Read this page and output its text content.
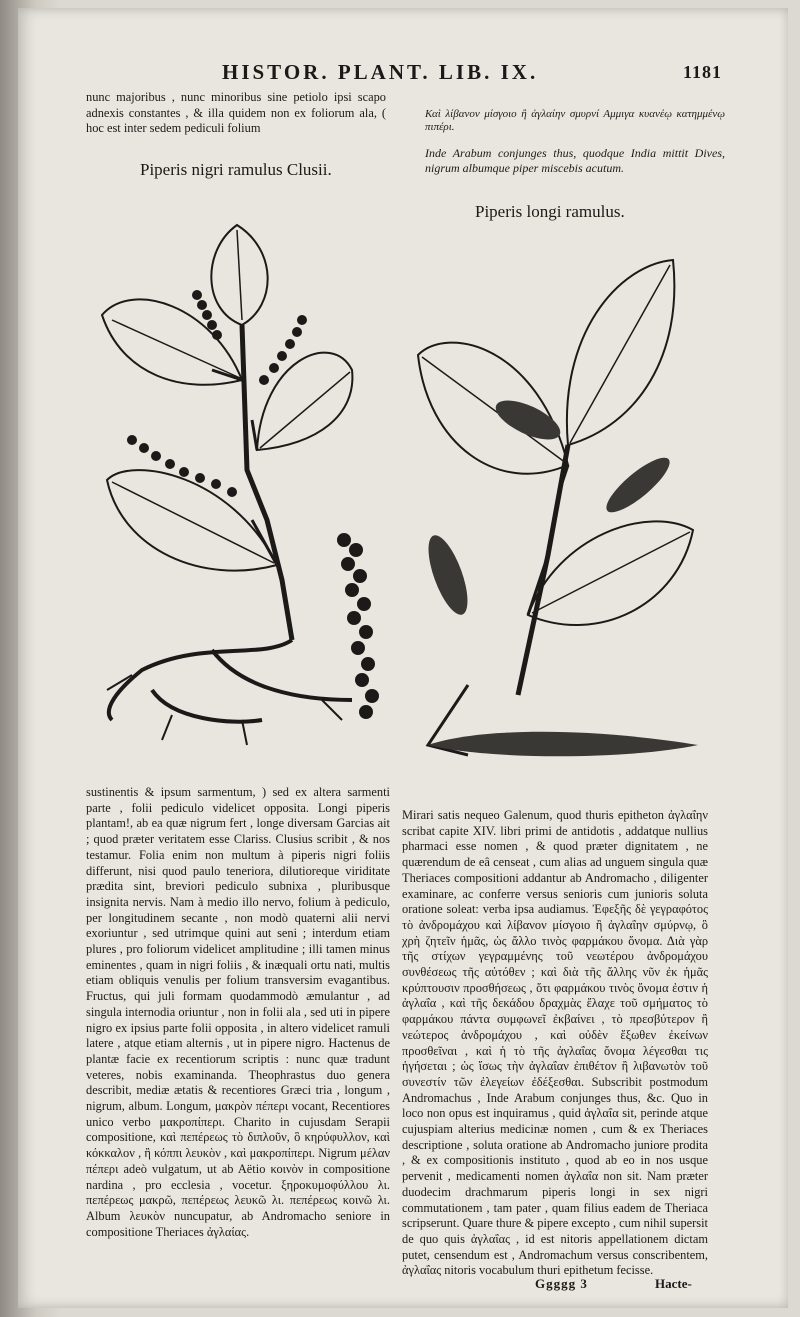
HISTOR. PLANT. LIB. IX.	1181

nunc majoribus , nunc minoribus sine petiolo ipsi scapo adnexis constantes , & illa quidem non ex foliorum ala, ( hoc est inter sedem pediculi folium

Piperis nigri ramulus Clusii.

Καὶ λίβανον μίσγοιο ἢ ἀγλαίην σμυρνί Αμμιγα κυανέῳ κατημμένῳ πιπέρι.

Inde Arabum conjunges thus, quodque India mittit Dives, nigrum albumque piper miscebis acutum.

Piperis longi ramulus.

sustinentis & ipsum sarmentum, ) sed ex altera sarmenti parte , folii pediculo videlicet opposita. Longi piperis plantam!, ab ea quæ nigrum fert , longe diversam Garcias ait ; quod præter veritatem esse Clariss. Clusius scribit , & nos testamur. Folia enim non multum à piperis nigri foliis differunt, nisi quod paulo teneriora, dilutioreque viriditate prædita sint, breviori pediculo subnixa , pluribusque insignita nervis. Nam à medio illo nervo, folium à pediculo, per longitudinem secante , non modò quaterni alii nervi exoriuntur , sed utrimque quini aut seni ; interdum etiam plures , pro foliorum videlicet amplitudine ; illi tamen minus eminentes , quam in nigri foliis , & inæquali ortu nati, multis etiam obliquis venulis per folium transversim evagantibus. Fructus, qui juli formam quodammodò æmulantur , ad singula internodia oriuntur , non in folii ala , sed uti in pipere nigro ex ipsius parte folii opposita , in altero videlicet ramuli latere , atque etiam alternis , ut in pipere nigro. Hactenus de plantæ facie ex recentiorum scriptis : nunc quæ tradunt veteres, nobis examinanda. Theophrastus duo genera describit, mediæ ætatis & recentiores Græci tria , longum , nigrum, album. Longum, μακρὸν πέπερι vocant, Recentiores unico verbo μακροπίπερι. Charito in cujusdam Serapii compositione, καὶ πεπέρεως τὸ διπλοῦν, ὃ κηρύφυλλον, καὶ κόκκαλον , ἢ κόππι λευκὸν , καὶ μακροπίπερι. Nigrum μέλαν πέπερι adeò vulgatum, ut ab Aëtio κοινὸν in compositione nardina , pro ecclesia , vocetur. ξηροκυμοφύλλου λι. πεπέρεως μακρῶ, πεπέρεως λευκῶ λι. πεπέρεως κοινῶ λι. Album λευκὸν nuncupatur, ab Andromacho seniore in compositione Theriaces ἀγλαίας.

Mirari satis nequeo Galenum, quod thuris epitheton ἀγλαΐην scribat capite XIV. libri primi de antidotis , addatque nullius pharmaci esse nomen , & quod præter dignitatem , ne quærendum de eâ censeat , cum alias ad unguem singula quæ Theriaces compositioni addantur ab Andromacho , diligenter examinare, ac conferre versus senioris cum junioris soluta oratione soleat: verba ipsa audiamus. Ἐφεξῆς δὲ γεγραφότος τὸ ἀνδρομάχου καὶ λίβανον μίσγοιο ἢ ἀγλαΐην σμύρνῳ, ὃ χρὴ ζητεῖν ἡμᾶς, ὡς ἄλλο τινὸς φαρμάκου ὄνομα. Διὰ γὰρ τῆς στίχων γεγραμμένης τοῦ νεωτέρου ἀνδρομάχου συνθέσεως τῆς αὐτόθεν ; καὶ διὰ τῆς ἄλλης νῦν ἐκ ἡμᾶς κρύπτουσιν προσθήσεως , ὅτι φαρμάκου τινὸς ὄνομα ἐστιν ἡ ἀγλαΐα , καὶ τῆς δεκάδου δραχμὰς ἔλαχε τοῦ σμήματος τὸ φαρμάκου πάντα συμφωνεῖ ἐκβαίνει , τὸ πρεσβύτερον ἢ νεώτερος ἀνδρομάχου , καὶ οὐδὲν ἔξωθεν ἐκείνων προσθεῖναι , καὶ ἡ τὸ τῆς ἀγλαΐας ὄνομα λέγεσθαι τις ἡγήσεται ; ὡς ἴσως τὴν ἀγλαΐαν ἐπιθέτον ἢ λιβανωτὸν τοῦ συνεστίν τῶν ἐλεγείων ἐδέξεσθαι. Subscribit postmodum Andromachus , Inde Arabum conjunges thus, &c. Quo in loco non opus est inquiramus , quid ἀγλαΐα sit, perinde atque cujuspiam alterius medicinæ nomen , cum & ex Theriaces descriptione , soluta oratione ab Andromacho juniore prodita , & ex compositionis instituto , quod ab eo in nos usque pervenit , medicamenti nomen ἀγλαΐα non sit. Nam præter duodecim drachmarum piperis longi in sex nigri commutationem , tam pater , quam filius eadem de Theriaca scripserunt. Quare thure & pipere excepto , cum nihil supersit de quo quis ἀγλαΐας , id est nitoris appellationem dictam putet, censendum est , Andromachum versus conscribentem, ἀγλαΐας nitoris vocabulum thuri epithetum fecisse.

Ggggg 3	Hacte-
